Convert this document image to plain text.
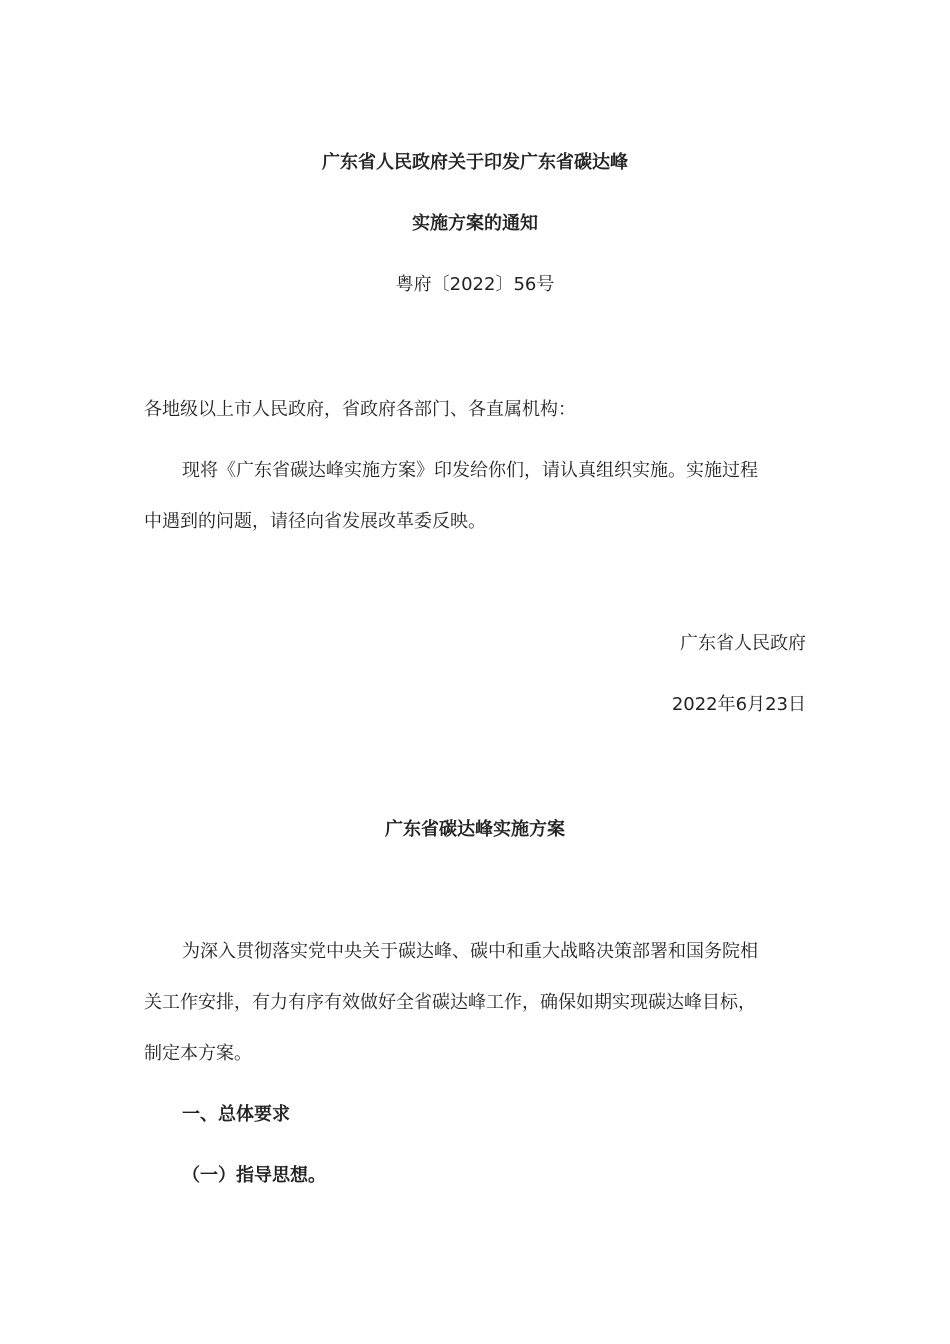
广东省人民政府关于印发广东省碳达峰
实施方案的通知
粤府〔2022〕56号
各地级以上市人民政府，省政府各部门、各直属机构：
现将《广东省碳达峰实施方案》印发给你们，请认真组织实施。实施过程
中遇到的问题，请径向省发展改革委反映。
广东省人民政府
2022年6月23日
广东省碳达峰实施方案
为深入贯彻落实党中央关于碳达峰、碳中和重大战略决策部署和国务院相
关工作安排，有力有序有效做好全省碳达峰工作，确保如期实现碳达峰目标，
制定本方案。
一、总体要求
（一）指导思想。
